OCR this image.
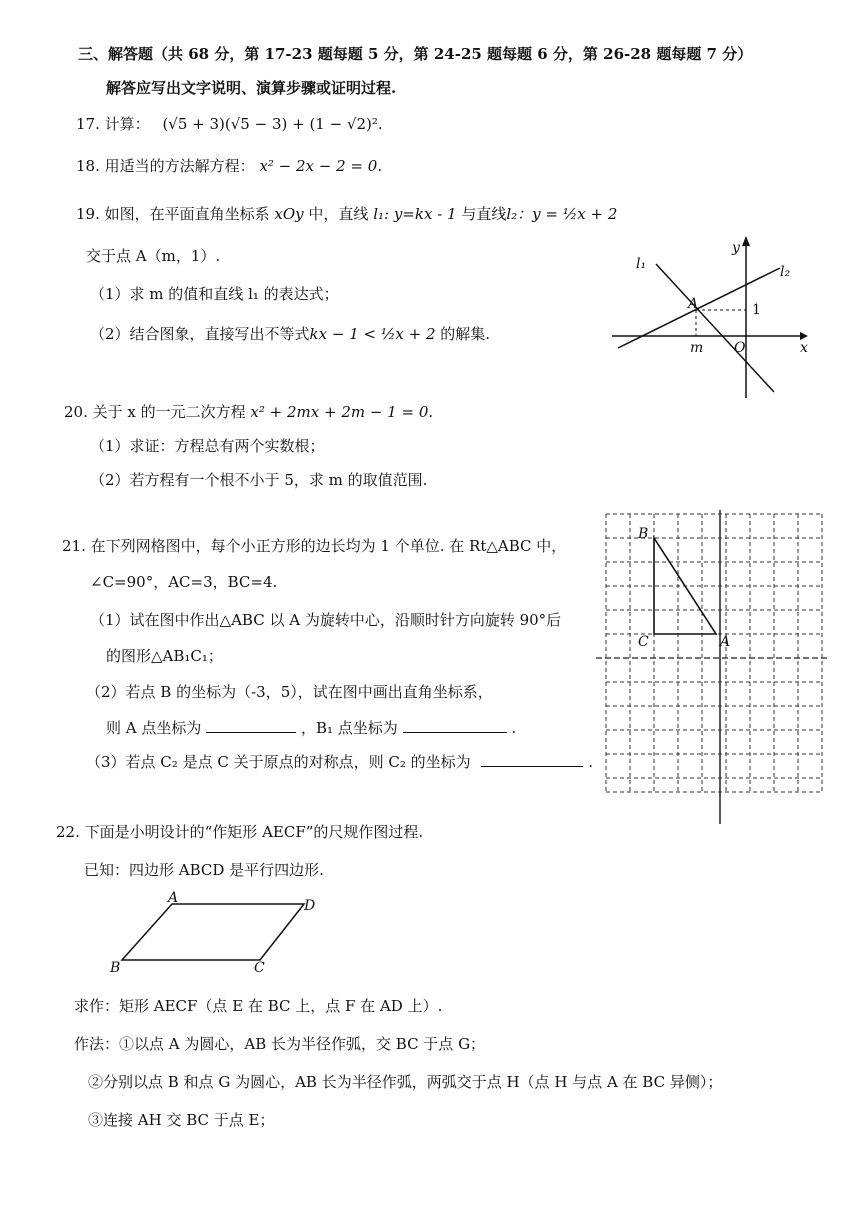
三、解答题（共 68 分，第 17-23 题每题 5 分，第 24-25 题每题 6 分，第 26-28 题每题 7 分）
解答应写出文字说明、演算步骤或证明过程.
17. 计算： (√5 + 3)(√5 − 3) + (1 − √2)².
18. 用适当的方法解方程： x² − 2x − 2 = 0.
19. 如图，在平面直角坐标系 xOy 中，直线 l₁: y=kx - 1 与直线l₂：y = ½x + 2
交于点 A（m，1）.
（1）求 m 的值和直线 l₁ 的表达式；
（2）结合图象，直接写出不等式kx − 1 < ½x + 2 的解集.
y
x
O
m
A	1
l₁	l₂
20. 关于 x 的一元二次方程 x² + 2mx + 2m − 1 = 0.
（1）求证：方程总有两个实数根；
（2）若方程有一个根不小于 5，求 m 的取值范围.
21. 在下列网格图中，每个小正方形的边长均为 1 个单位. 在 Rt△ABC 中，
∠C=90°，AC=3，BC=4.
（1）试在图中作出△ABC 以 A 为旋转中心，沿顺时针方向旋转 90°后
的图形△AB₁C₁；
（2）若点 B 的坐标为（-3，5），试在图中画出直角坐标系，
则 A 点坐标为	，B₁ 点坐标为	.
（3）若点 C₂ 是点 C 关于原点的对称点，则 C₂ 的坐标为	.
B
C	A
22. 下面是小明设计的“作矩形 AECF”的尺规作图过程.
已知：四边形 ABCD 是平行四边形.
A	D
B	C
求作：矩形 AECF（点 E 在 BC 上，点 F 在 AD 上）.
作法：①以点 A 为圆心，AB 长为半径作弧，交 BC 于点 G；
②分别以点 B 和点 G 为圆心，AB 长为半径作弧，两弧交于点 H（点 H 与点 A 在 BC 异侧）；
③连接 AH 交 BC 于点 E；
